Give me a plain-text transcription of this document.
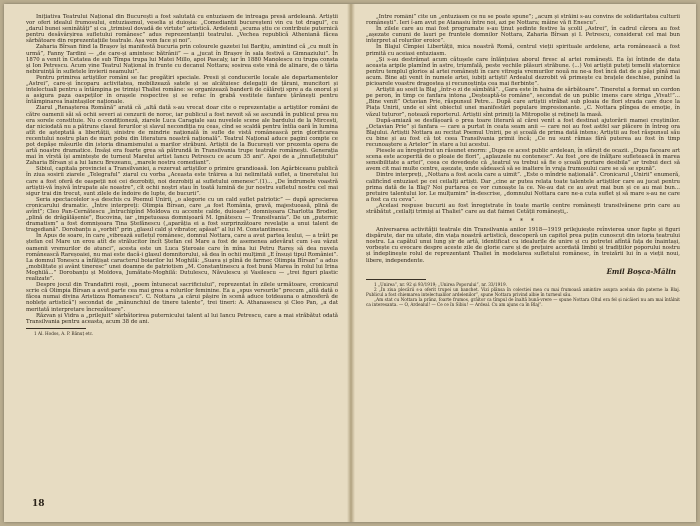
Inițiativa Teatrului Național din București a fost salutată cu entuziasm de întreaga presă ardeleană. Artiștii vor oferi idealul frumosului, entuziasmul, veselia și duioșia: „Comedianții bucureșteni vin cu tot dragul”, cu „darul bunei seninătăți” și ca „trimisul dovadă de virtute” artistică. Ardelenii „scuma știu ce contribuie puternică pentru desăvârșirea sufletului românesc” adus reprezentanții teatrului. „Vechea republică Atheniană făcea sărbătoare din reprezentațiile teatrale. Așa vom face și noi”.

Zaharia Bîrsan fiind la Brașov își manifestă bucuria prin colourele gazetei lui Barițiu, amintind că „cu mult în urmă”, Fanny Tardini — „de care-și amintesc bătrânii” — a „jucat în Brașov în sala festivă a Gimnaziului”. În 1870 a venit în Cetatea de sub Tîmpa trupa lui Matei Millo, apoi Pascaly, iar în 1880 Manolescu cu trupa consta și Ion Petrescu. Acum vine Teatrul Național în frunte cu decanul Nottara; sosirea este vină de alinare, de o tăria nebiruință în sufletele învierii neamului”.

Pentru primirea artiștilor români se fac pregătiri speciale. Presii și conducerile locale ale departamentelor „Astrei”, care-și încoparu activitatea, mobilizează satele și se alcătuiesc delegații de țărani, muncitori și intelectuali pentru a întâmpina pe trimiși Thaliei române: se organizează banderii de călăreți spre a da onorul și a asigura paza oaspeților în orașele respective și se refac în grabă vestitele fanfare țărănești pentru întâmpinarea înaintașilor naționale.

Ziarul „Renașterea Română” arată că „altă dată s-au vrecat doar cite o reprezentație a artiștilor români de către oamenii săi să ochii severi ai cenzurii de noroc, iar publicul a fost nevoit să se ascundă în publicul prea nu era sorele constituie. Nu o condiționeză, ziarele Luca Caragiale sau nuvelele scene ale bardului de la Mircesti, dar niciodată nu a pătruns clasul ferurilor și slavul necondiția nu ceas, cînd se scaldă pentru întîia oară în lumina atît de așteptată a libertății, sinistre de mindrie națională în sufle de vistă românească prin glorificarea recentului nostru plan de mari pobu din literatura noastră națională”. Teatrul Național aduce pagini compte ce pot depășe măsurile din istoria dinamismului a marilor străbuni. Artiștii de la București vor prezenta opera de artă noastre dramatice. Însăși era foarte grea să pătrundă în Transilvania trupe teatrale românești. Generația mai în vîrstă își amintește de turneul Marelui artist Iancu Petrescu ce acum 35 ani”. Apoi de a „înnuflețitului” Zaharia Bîrsan și a lui Iancu Brezeanu, „marele nostru comediant”.

Sibiul, capitala provinciei a Transilvaniei, a rezervat artiștilor o primire grandioasă. Ion Agârbiceanu publică în ziua sosirii ziarele „Telegraful” ziarul cu vorba „Aceasta este trăirea a lui nelimitată suflet, a tineretului lui care a fost oferă de oaspeții noi cei dezrobiți, noi dezrobiți ai sufletului omenesc”.(1)... „De îndrumele voastră artiștii-vă înșivă întrupate ale noastre”, cît ochii noștri stau în toată lumină de jur nostru sufletul nostru cel mai sigur trai din trecut, sunt zilele de îndoire de lupte, de bucurii”.

Seria spectacolelor s-a deschis cu Poemul Unirii, „o alegorie cu un cald suflet patriotic” — după aprecierea cronicarului dramatic. „Între interpreți: Olimpia Bîrsan, care „a fost România, gravă, majestuoasă, plină de avînt”; Cleo Pan-Cernătescu „întruchipînd Moldova cu accente calde, duioase”; domnișoara Charlotta Brodier, „plină de drăgălășenie”, Bucovina, iar „impetuoasa domnișoară M. Ignătescu — Transilvania”. De un „puternic dramatism” a fost domnișoara Tina Ștefănescu („aparăția ei a fost surprinzătoare revelație a unui talent de tragediană”. Dorobanțu a „vorbit” prin „glasul cald și vibrator, apăsat” al lui M. Constantinescu.

În Apus de soare, în care „vibrează sufletul românesc, domnul Nottara, care a avut partea leului, — a trăit pe ștefan cel Mare un erou atît de strălucitor încît Ștefan cel Mare a fost de asemenea adevărat cum i-au văzut oamenii vremurilor de atunci”, acesta este un Luca Șteroaie care în mîna lui Petru Rareș să dea nuvela românească Rareșoaiei, nu mai este dacă-i glasul domnitorului, să dea în ochii mulțimii „E însuși tipul României”. La domnul Tonescu a înfățișat caracterul boiarilor lui Moghilă: „Suava și plină de farmec Olimpia Bîrsan” a adus „mobilitate și avânt tineresc” unei doamne de patriotism „M. Constantinescu a fost bună Marea în rolul lui Irina Moghilă...” Dorobanțu și Moldova, Jumătate-Moghilă: Dutulescu, Năvulescu și Vasilescu — „trei figuri plastic realizate”.

Despre jocul din Trandafirii roșii, „poem întunecat sacrificiului”, reprezentat în zilele următoare, cronicarul scrie că Olimpia Bîrsan a avut parte cea mai grea a rolurilor feminine. Ea a „spus versurile” precum „altă dată o făcea numai divina Aristizza Romanescu”. C. Nottara „a cărui pășire în scenă aduce totdeauna o atmosferă de noblețe artistică”) secondat de „mănunchiul de tinere talente”, trei tineri: A. Athanasescu și Cleo Pan, „a dat meritată interpretare încrezătoare”.

Răzvan și Vidra a „prilejuit” sărbătorirea puternicului talent al lui Iancu Petrescu, care a mai străbătut odată Transilvania pentru aceasta, acum 38 de ani.

1 Al. Hodos, A. P. Bănuț etc.

18

„Intre români” cite un „entuziasm ce nu se poate spune”; „acum și străini s-au convins de solidaritatea culturii românești”. Ieri î-am avut pe Atanasiu între noi, azi pe Nottara; mâine vă fi Enescu”.

În zilele care au mai fost programate s-au ținut ședinte festive la școlil „Astrei”, în cadrul cărora au fost „așezate cununi de lauri pe fruntele domnilor Nottara, Zaharia Bîrsan și I. Petrescu, considerat cel mai bun interpret al rolurilor eroice”.

În Blajul Cîmpiei Libertății, mica noastră Romă, centrul vieții spirituale ardelene, arta românească a fost primită cu aceiasi entuziasm.

„Și s-au destrămat acum cătușele care înlănțuiau aborul firesc al artei românești. Ea își întinde de data aceasta aripile plamînd în astre, triumfală, peste vechile plăsuri străbune. (...) Voi artiștii puteți temelii statornice pentru templul glorios al artei românești în care vitregia vremurilor nouă nu ne-a fost încă dat de a păși pînă mai acum. Bine ați venit în numele artei, iubiți artiști! Ardealul dezrobit vă primește cu brațele deschise, punînd la picioarele voastre dragostea și recunoștința cea mai fierbinte”.

Artiștii au sosit la Blaj „într-o zi de sâmbătă”. „Gara este în haina de sărbătoare”. Tineretul a format un cordon pe peron, în timp ce fanfara intona „Deșteaptă-te române”, secondat de un public imens care striga „Vivat!”... „Bine venit” Octavian Prie, răspunsul Petre... După care artiștii străbat sub ploaia de flori strada care duce la Piața Unirii, unde ei sînt obiectul unei manifestări populare impresionante. „C. Nottara plîngea de emoție, în văzul tuturor”, notează reporterul. Artiștii sînt primiți la Mitropolie și rețineți la masă.

După-amiază se desfășoară o prea toare literară al cărei venit a fost destinat ajutorării mamei creștinilor. „Octavian Prie” și fanfara — care a purtat în ceata seam anii — care noi au fost astfel sar plăcere în întreg ora Blajului. Artiștii Nottara au recitat Poemul Unirii, pe și școală de prima dată intens; Artiștii au fost răspunsul său cu bine și au fost că tot ceea Transilvania primii încă; „Ce nu sunt rămas fără puterea au fost în timp recunoaștere a Artelor” în stare a lui acestui.

Piesele au înregistrat un răsunet enorm: „Dupa ce acest public ardelean, în sfârșit de ocazii. „Dupa faceare art scena este acoperită de o ploaie de flori”, „aplauzele nu contenesc”. Au fost „ore de înălțare sufletească în marea sensibilitate a artei”, ceea ce dovedește că „teatrul va trebui să fie o școală purtare desibila” ar trebui deci să avem cit mai multe centre, așezate, unde sădească să se inaltere în vraja frumosului care se să se spună”.

Dintre interpreți, „Nottara a fost acela care a uimit”. „Este o mîndrie națională”. Cronicarul „Unirii” enumeră, calificînd entuziast pe cei ceilalți artiști. Dar „cine ar putea relata toate talentele artiștilor care au jucat pentru prima dată de la Blaj? Noi purtarea ce vor cunoaște la ce. Ne-au dat ce au avut mai bun și ce au mai bun... pretuire talentului lor. Le mulțumim” în-descrise, „domnului Nottara care ne-a cuta suflet și să mare s-au ne care a fost ca cu ceva”.

„Acelasi respuse bucurii au fost înregistrate în toate marile centre românești transilvănene prin care au străbătut „ceilalți trimiși ai Thaliei” care au dat faimei Cetății românești„.

* * *

Aniversarea activității teatrale din Transilvania anilor 1918—1919 prilejuiește reînvierea unor fapte și figuri dispărute, dar nu uitate, din viața noastră artistică, descoperă un capitol prea puțin cunoscut din istoria teatrului nostru. La capătul unui lung șir de artă, identificat cu idealurile de unire și cu potretei afîntă fața de înaintași, vorbește cu evocare despre aceste zile de glorie care și de prețuire acordată limbii și tradițiilor poporului nostru și îndeplinește rolul de reprezentant Thaliei în modelarea sufletului românesc, în treizării lui în a vieții noui, libere, independente.

Emil Boșca-Mălin

1 „Unirea”, nr. 92 și 93/1919; „Unirea Poporului”, nr. 33/1919.

2 „În ziua plecării s-a oferit trupei un banchet. Vizi plânsa în colectiei mea cu mai frumoasă amintire asupra aceluia din paterne la Blaj. Publicul a fost chiemarea intelectualilor ardelenilor”, spune Nottara privind albie în turneul său.

„Am stat cu Nottara la prânz, foarte frumos, grăitor ca tîmpul de înaltă bună-vrere — spune Nottara Oltul era fel și nicăieri nu am mai întâlnit ca interesanta. — O, Ardealul! — Ce ce în Sibiu! — Ardeal. Cu am ajuns ca în Blaj”.
